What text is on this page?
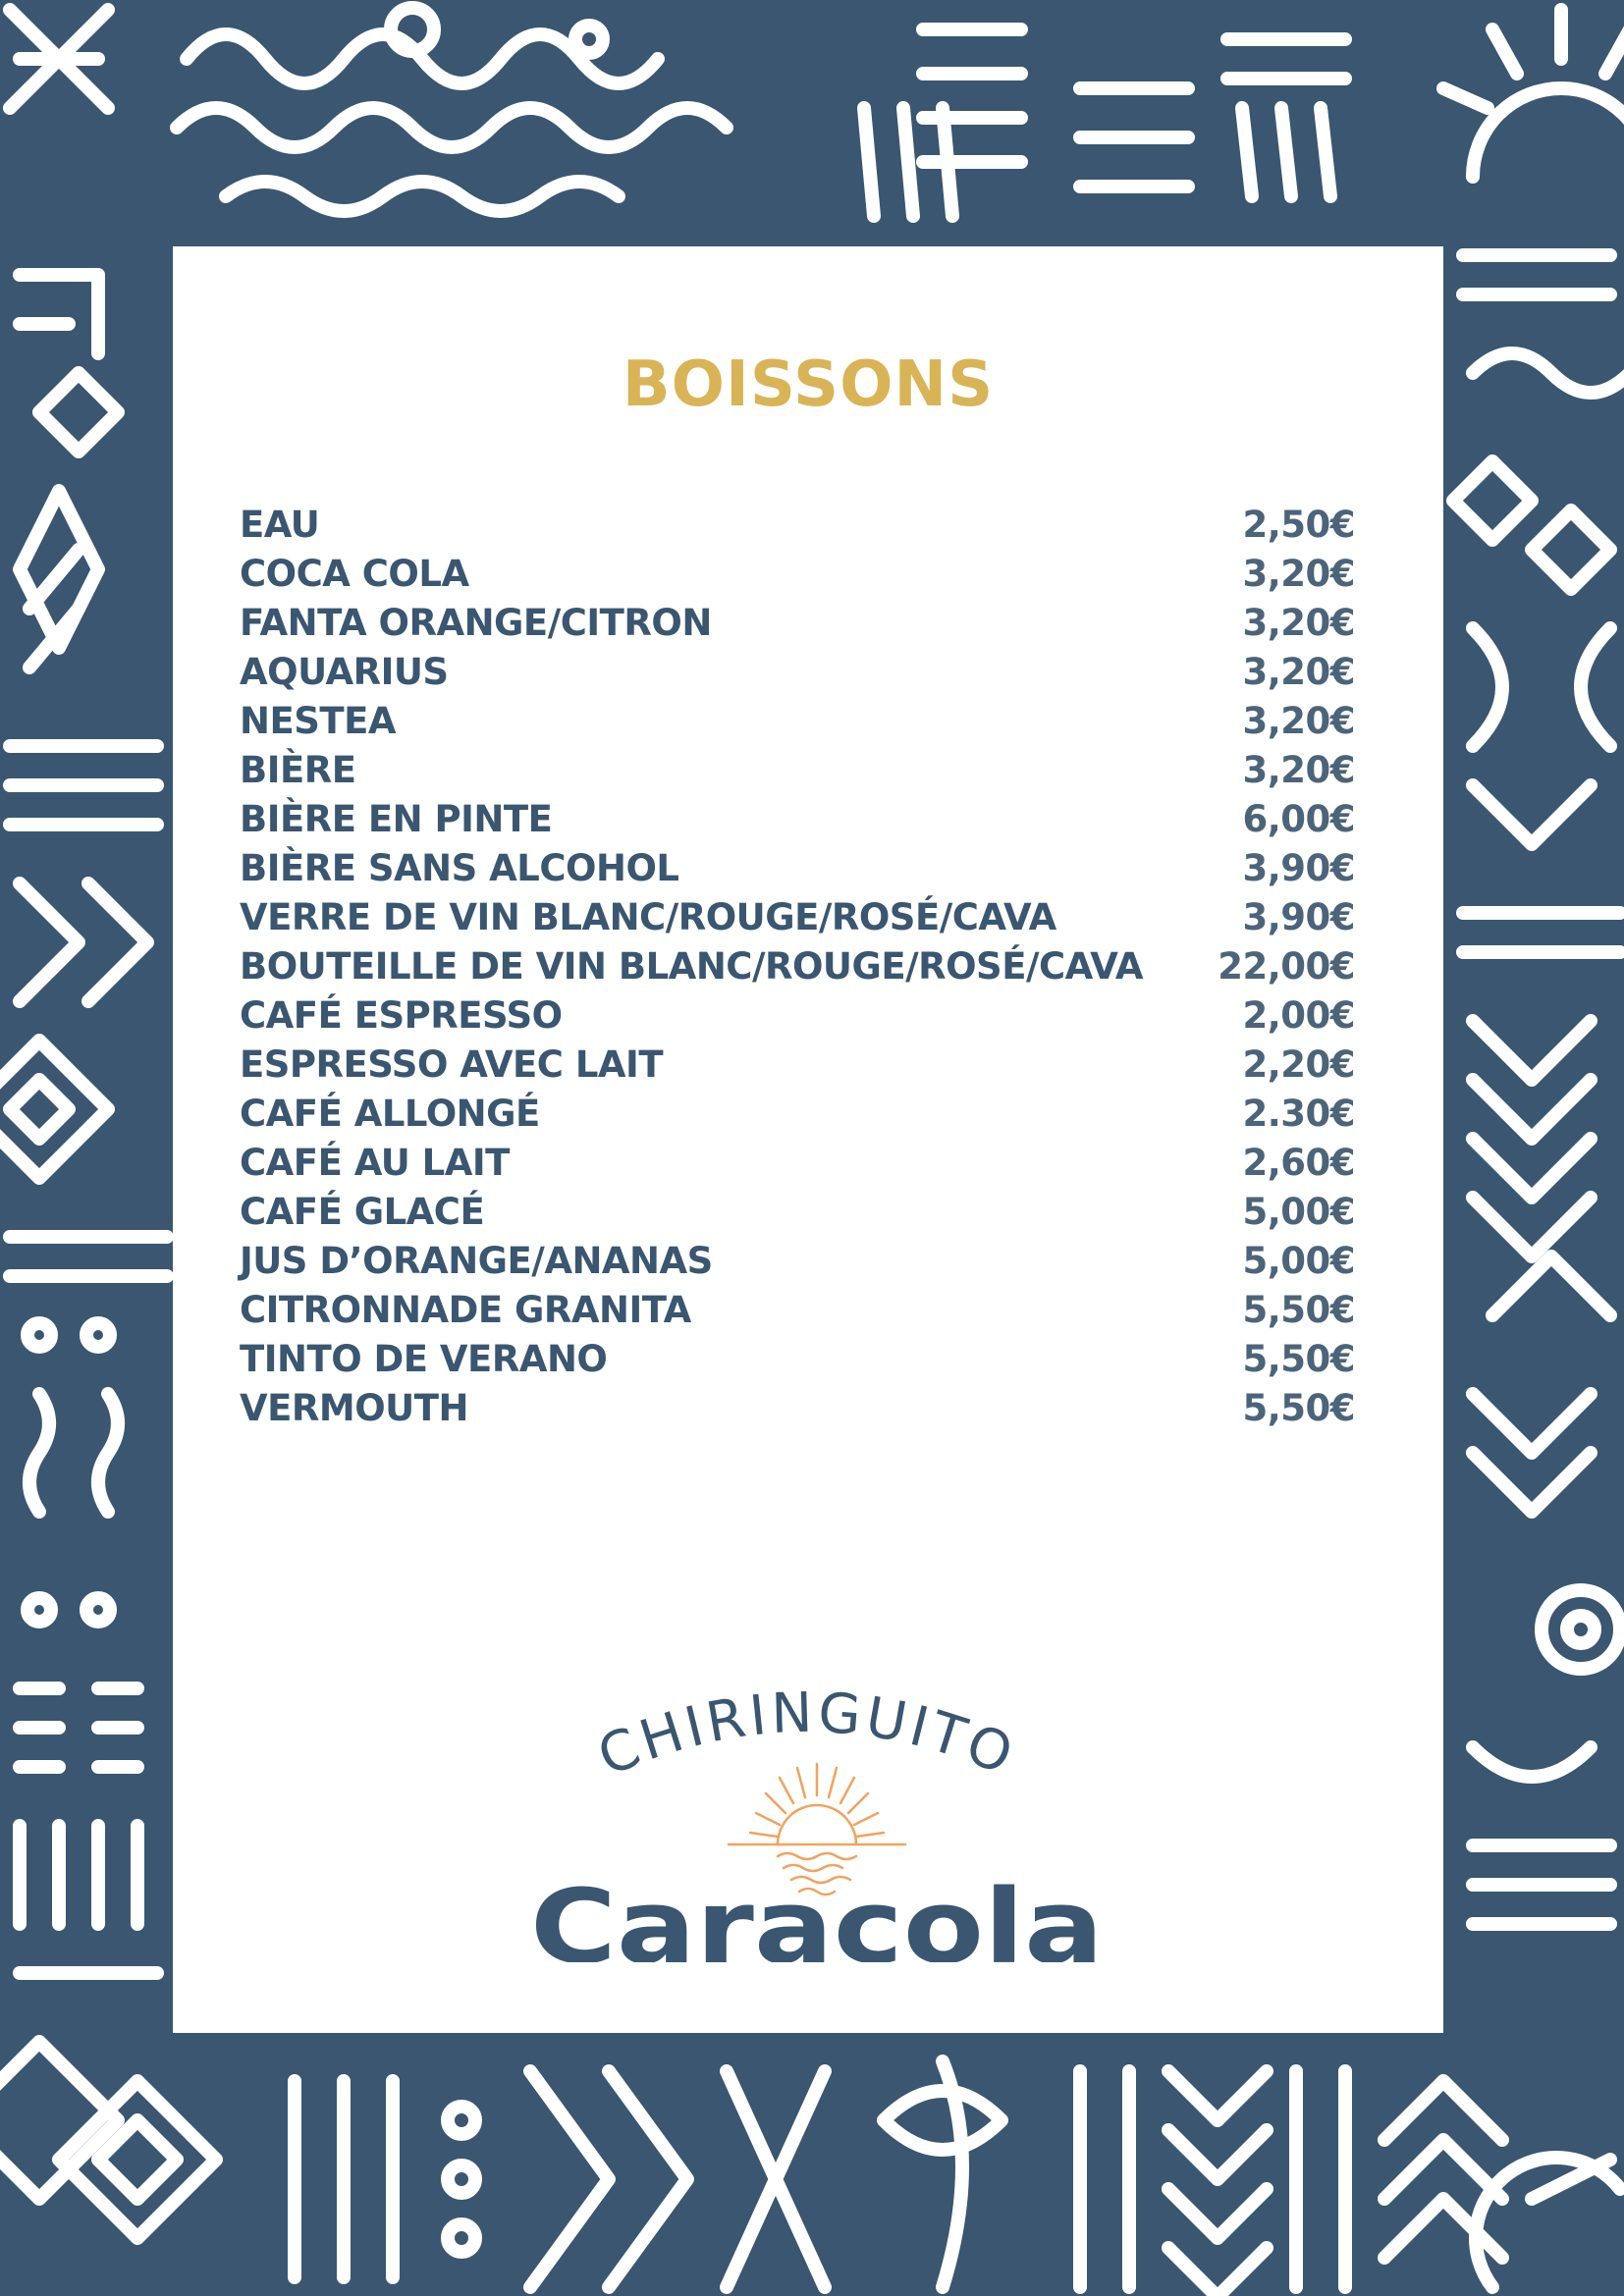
BOISSONS
EAU	2,50€
COCA COLA	3,20€
FANTA ORANGE/CITRON	3,20€
AQUARIUS	3,20€
NESTEA	3,20€
BIÈRE	3,20€
BIÈRE EN PINTE	6,00€
BIÈRE SANS ALCOHOL	3,90€
VERRE DE VIN BLANC/ROUGE/ROSÉ/CAVA	3,90€
BOUTEILLE DE VIN BLANC/ROUGE/ROSÉ/CAVA 22,00€
CAFÉ ESPRESSO	2,00€
ESPRESSO AVEC LAIT	2,20€
CAFÉ ALLONGÉ	2.30€
CAFÉ AU LAIT	2,60€
CAFÉ GLACÉ	5,00€
JUS D’ORANGE/ANANAS	5,00€
CITRONNADE GRANITA	5,50€
TINTO DE VERANO	5,50€
VERMOUTH	5,50€
CHIRINGUITO
Caracola
